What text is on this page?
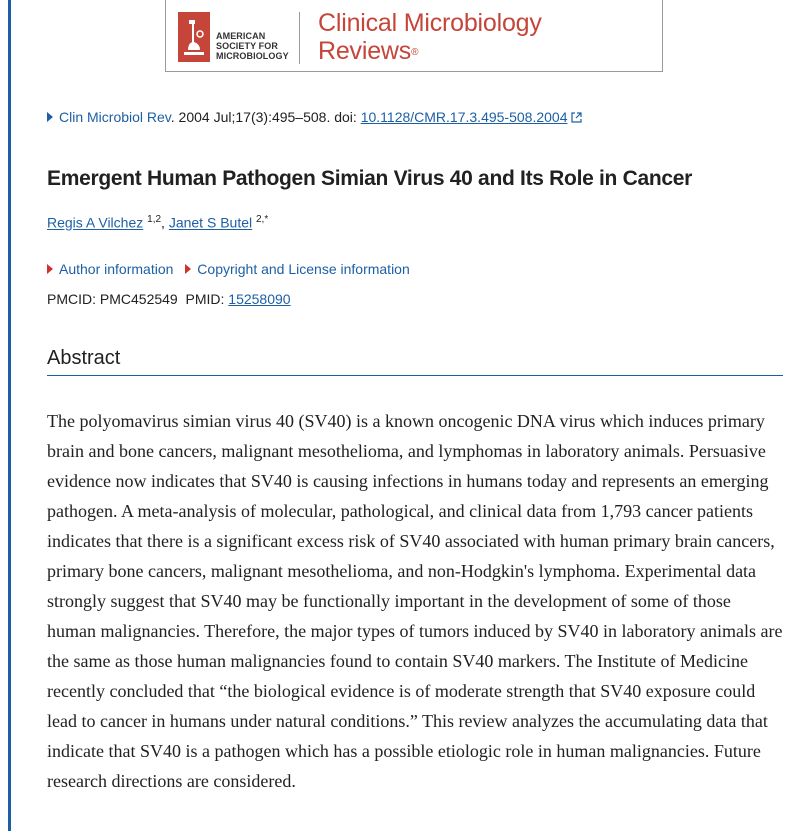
AMERICAN
SOCIETY FOR
MICROBIOLOGY
Clinical Microbiology
Reviews®
Clin Microbiol Rev. 2004 Jul;17(3):495–508. doi: 10.1128/CMR.17.3.495-508.2004
Emergent Human Pathogen Simian Virus 40 and Its Role in Cancer
Regis A Vilchez $^{1,2}$, Janet S Butel $^{2,*}$
Author information Copyright and License information
PMCID: PMC452549 PMID: 15258090
Abstract

The polyomavirus simian virus 40 (SV40) is a known oncogenic DNA virus which induces primary brain and bone cancers, malignant mesothelioma, and lymphomas in laboratory animals. Persuasive evidence now indicates that SV40 is causing infections in humans today and represents an emerging pathogen. A meta-analysis of molecular, pathological, and clinical data from 1,793 cancer patients indicates that there is a significant excess risk of SV40 associated with human primary brain cancers, primary bone cancers, malignant mesothelioma, and non-Hodgkin's lymphoma. Experimental data strongly suggest that SV40 may be functionally important in the development of some of those human malignancies. Therefore, the major types of tumors induced by SV40 in laboratory animals are the same as those human malignancies found to contain SV40 markers. The Institute of Medicine recently concluded that “the biological evidence is of moderate strength that SV40 exposure could lead to cancer in humans under natural conditions.” This review analyzes the accumulating data that indicate that SV40 is a pathogen which has a possible etiologic role in human malignancies. Future research directions are considered.
